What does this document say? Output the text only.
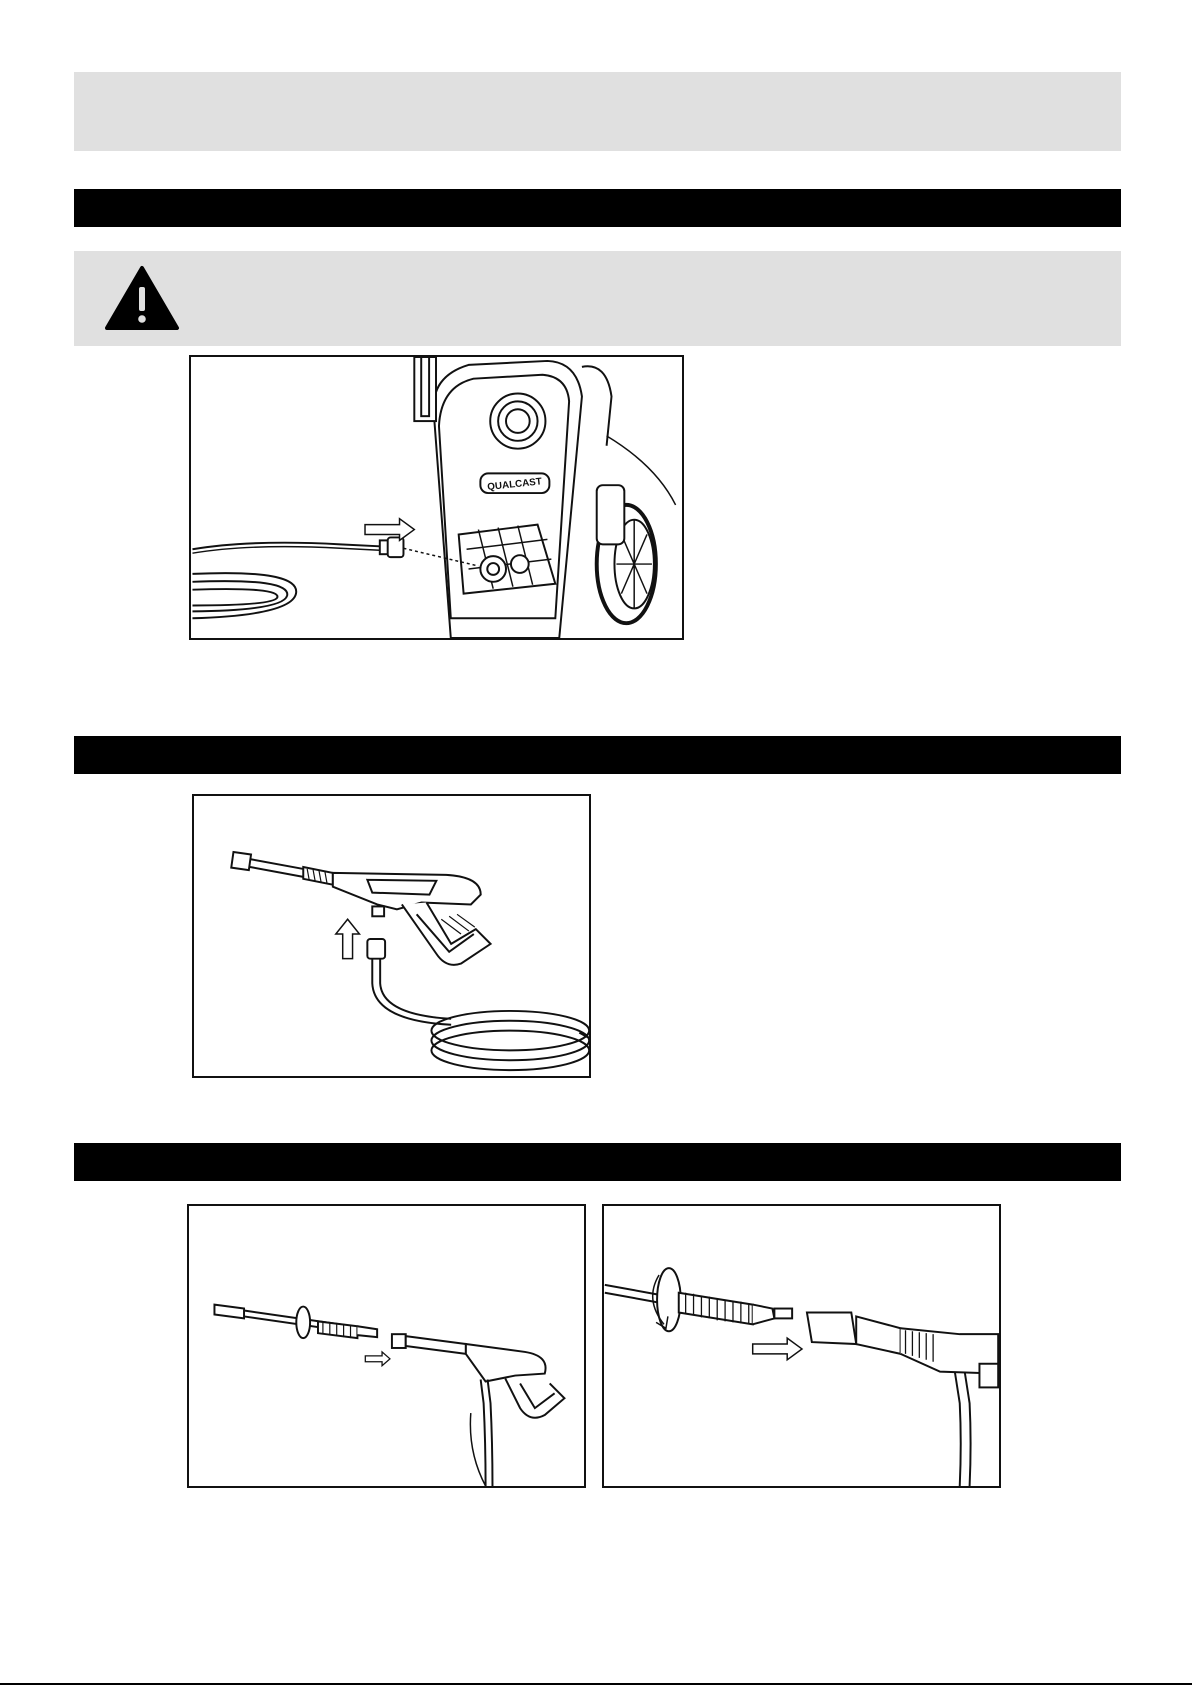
QUALCAST
